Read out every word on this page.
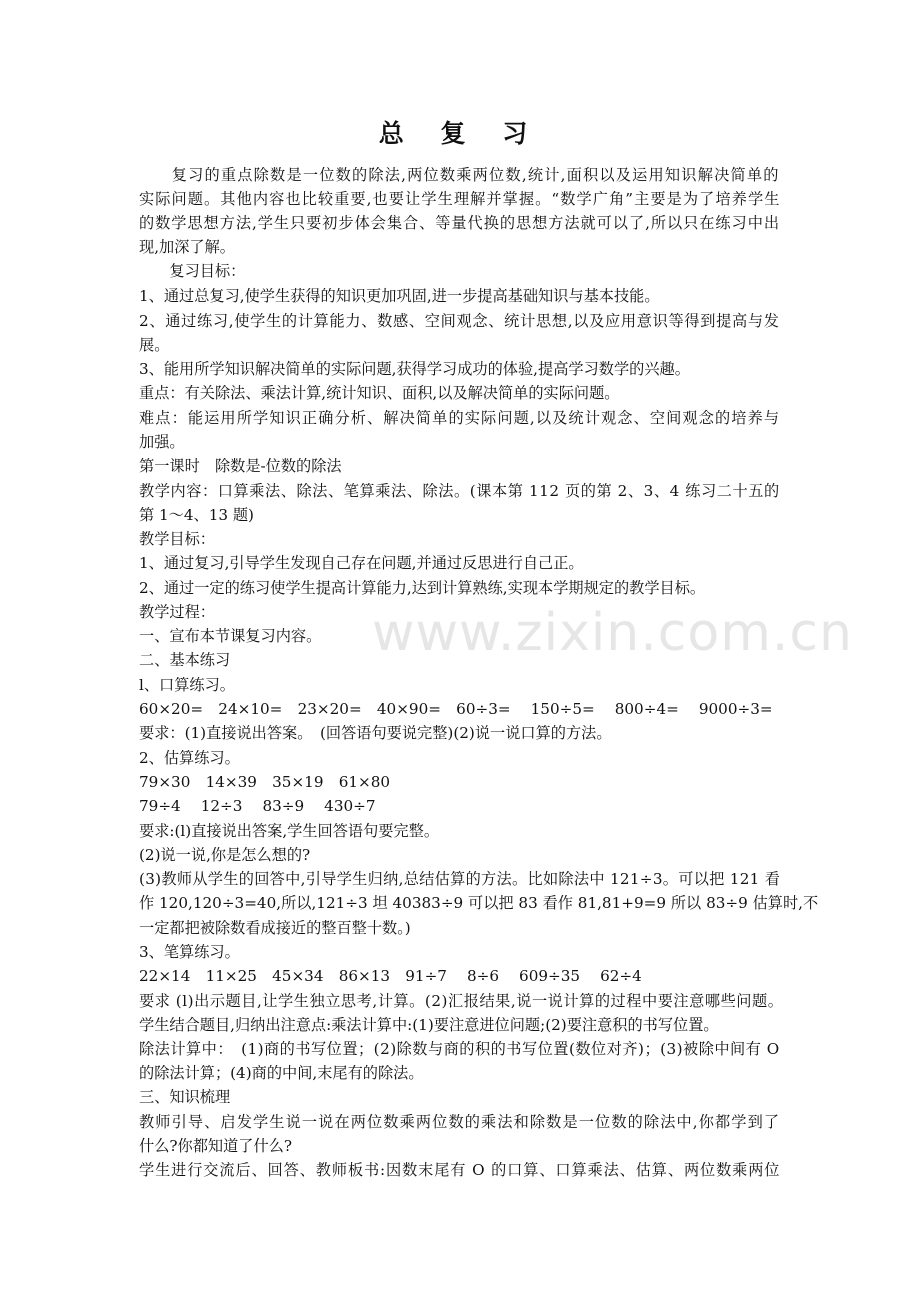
www.zixin.com.cn
总 复 习
　　复习的重点除数是一位数的除法,两位数乘两位数,统计,面积以及运用知识解决简单的
实际问题。其他内容也比较重要,也要让学生理解并掌握。“数学广角”主要是为了培养学生
的数学思想方法,学生只要初步体会集合、等量代换的思想方法就可以了,所以只在练习中出
现,加深了解。
　　复习目标：
1、通过总复习,使学生获得的知识更加巩固,进一步提高基础知识与基本技能。
2、通过练习,使学生的计算能力、数感、空间观念、统计思想,以及应用意识等得到提高与发
展。
3、能用所学知识解决简单的实际问题,获得学习成功的体验,提高学习数学的兴趣。
重点：有关除法、乘法计算,统计知识、面积,以及解决简单的实际问题。
难点：能运用所学知识正确分析、解决简单的实际问题,以及统计观念、空间观念的培养与
加强。
第一课时　除数是-位数的除法
教学内容：口算乘法、除法、笔算乘法、除法。(课本第 112 页的第 2、3、4 练习二十五的
第 1～4、13 题)
教学目标：
1、通过复习,引导学生发现自己存在问题,并通过反思进行自己正。
2、通过一定的练习使学生提高计算能力,达到计算熟练,实现本学期规定的教学目标。
教学过程：
一、宣布本节课复习内容。
二、基本练习
l、口算练习。
60×20=　24×10=　23×20=　40×90=　60÷3=　 150÷5=　 800÷4=　 9000÷3=
要求：(1)直接说出答案。　(回答语句要说完整)(2)说一说口算的方法。
2、估算练习。
79×30　14×39　35×19　61×80
79÷4　 12÷3　 83÷9　 430÷7
要求:(l)直接说出答案,学生回答语句要完整。
(2)说一说,你是怎么想的?
(3)教师从学生的回答中,引导学生归纳,总结估算的方法。比如除法中 121÷3。可以把 121 看
作 120,120÷3=40,所以,121÷3 坦 40383÷9 可以把 83 看作 81,81+9=9 所以 83÷9 估算时,不
一定都把被除数看成接近的整百整十数。)
3、笔算练习。
22×14　11×25　45×34　86×13　91÷7　 8÷6　 609÷35　 62÷4
要求 (l)出示题目,让学生独立思考,计算。(2)汇报结果,说一说计算的过程中要注意哪些问题。
学生结合题目,归纳出注意点:乘法计算中:(1)要注意进位问题;(2)要注意积的书写位置。
除法计算中：　(1)商的书写位置；(2)除数与商的积的书写位置(数位对齐)；(3)被除中间有 O
的除法计算；(4)商的中间,末尾有的除法。
三、知识梳理
教师引导、启发学生说一说在两位数乘两位数的乘法和除数是一位数的除法中,你都学到了
什么?你都知道了什么?
学生进行交流后、回答、教师板书:因数末尾有 O 的口算、口算乘法、估算、两位数乘两位
